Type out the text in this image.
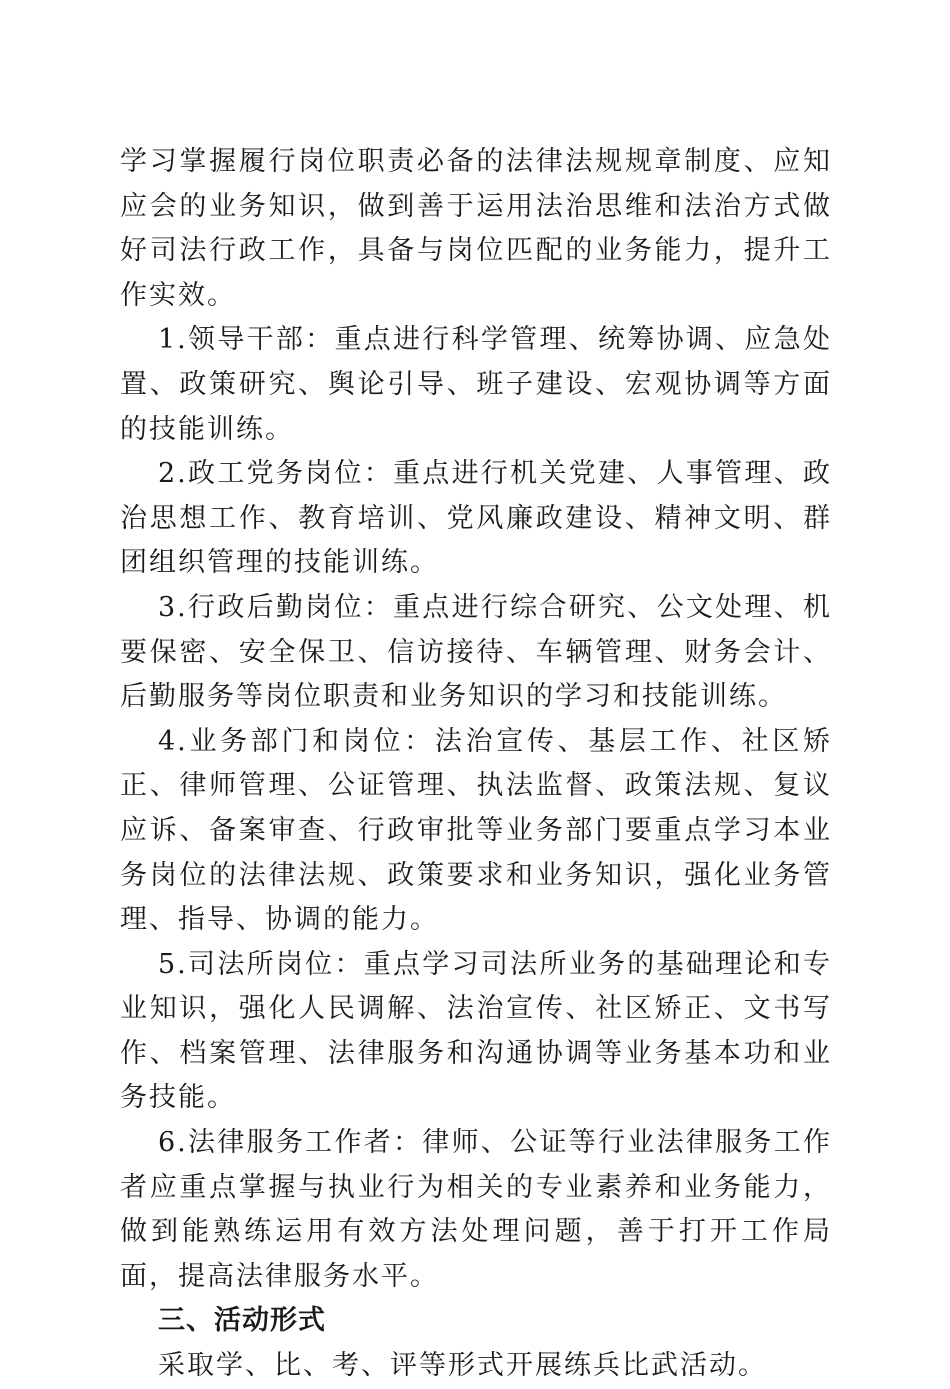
学习掌握履行岗位职责必备的法律法规规章制度、应知应会的业务知识，做到善于运用法治思维和法治方式做好司法行政工作，具备与岗位匹配的业务能力，提升工作实效。

1.领导干部：重点进行科学管理、统筹协调、应急处置、政策研究、舆论引导、班子建设、宏观协调等方面的技能训练。

2.政工党务岗位：重点进行机关党建、人事管理、政治思想工作、教育培训、党风廉政建设、精神文明、群团组织管理的技能训练。

3.行政后勤岗位：重点进行综合研究、公文处理、机要保密、安全保卫、信访接待、车辆管理、财务会计、后勤服务等岗位职责和业务知识的学习和技能训练。

4.业务部门和岗位：法治宣传、基层工作、社区矫正、律师管理、公证管理、执法监督、政策法规、复议应诉、备案审查、行政审批等业务部门要重点学习本业务岗位的法律法规、政策要求和业务知识，强化业务管理、指导、协调的能力。

5.司法所岗位：重点学习司法所业务的基础理论和专业知识，强化人民调解、法治宣传、社区矫正、文书写作、档案管理、法律服务和沟通协调等业务基本功和业务技能。

6.法律服务工作者：律师、公证等行业法律服务工作者应重点掌握与执业行为相关的专业素养和业务能力，做到能熟练运用有效方法处理问题，善于打开工作局面，提高法律服务水平。

三、活动形式

采取学、比、考、评等形式开展练兵比武活动。
